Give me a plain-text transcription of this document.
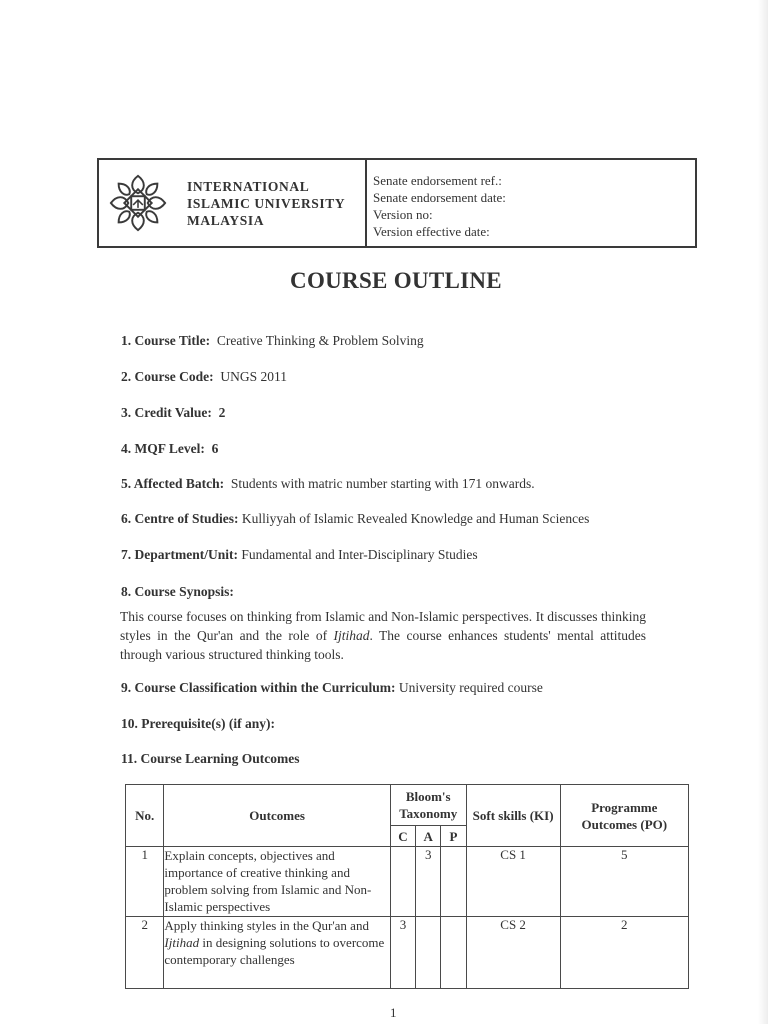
INTERNATIONAL
ISLAMIC UNIVERSITY
MALAYSIA
Senate endorsement ref.:
Senate endorsement date:
Version no:
Version effective date:
COURSE OUTLINE
1. Course Title: Creative Thinking & Problem Solving
2. Course Code: UNGS 2011
3. Credit Value: 2
4. MQF Level: 6
5. Affected Batch: Students with matric number starting with 171 onwards.
6. Centre of Studies: Kulliyyah of Islamic Revealed Knowledge and Human Sciences
7. Department/Unit: Fundamental and Inter-Disciplinary Studies
8. Course Synopsis:
This course focuses on thinking from Islamic and Non-Islamic perspectives. It discusses thinking styles in the Qur'an and the role of Ijtihad. The course enhances students' mental attitudes through various structured thinking tools.
9. Course Classification within the Curriculum: University required course
10. Prerequisite(s) (if any):
11. Course Learning Outcomes
No.	Outcomes	Bloom's Taxonomy			Soft skills (KI)	Programme Outcomes (PO)
		C	A	P		
1	Explain concepts, objectives and importance of creative thinking and problem solving from Islamic and Non-Islamic perspectives		3		CS 1	5
2	Apply thinking styles in the Qur'an and Ijtihad in designing solutions to overcome contemporary challenges	3			CS 2	2
1
